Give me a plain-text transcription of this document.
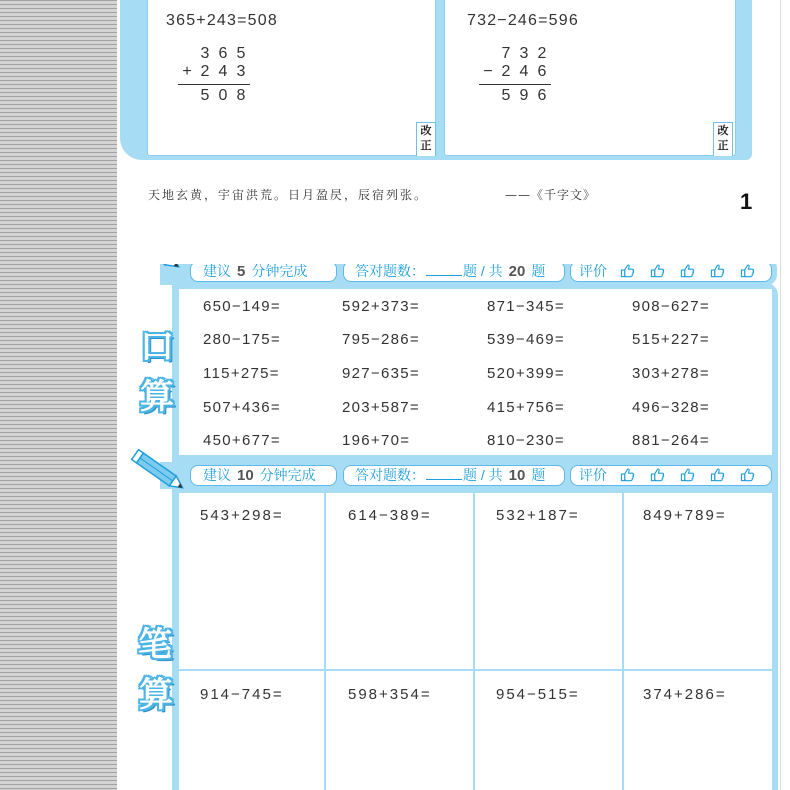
365+243=508
3 6 5
+ 2 4 3
5 0 8
改
正
732−246=596
7 3 2
− 2 4 6
5 9 6
改
正
天地玄黄，宇宙洪荒。日月盈昃，辰宿列张。	——《千字文》	1
建议 5 分钟完成	答对题数：	题 / 共 20 题	评价
口
算
650−149=	592+373=	871−345=	908−627=
280−175=	795−286=	539−469=	515+227=
115+275=	927−635=	520+399=	303+278=
507+436=	203+587=	415+756=	496−328=
450+677=	196+70=	810−230=	881−264=
建议 10 分钟完成	答对题数：	题 / 共 10 题	评价
笔
算
543+298=	614−389=	532+187=	849+789=
914−745=	598+354=	954−515=	374+286=
